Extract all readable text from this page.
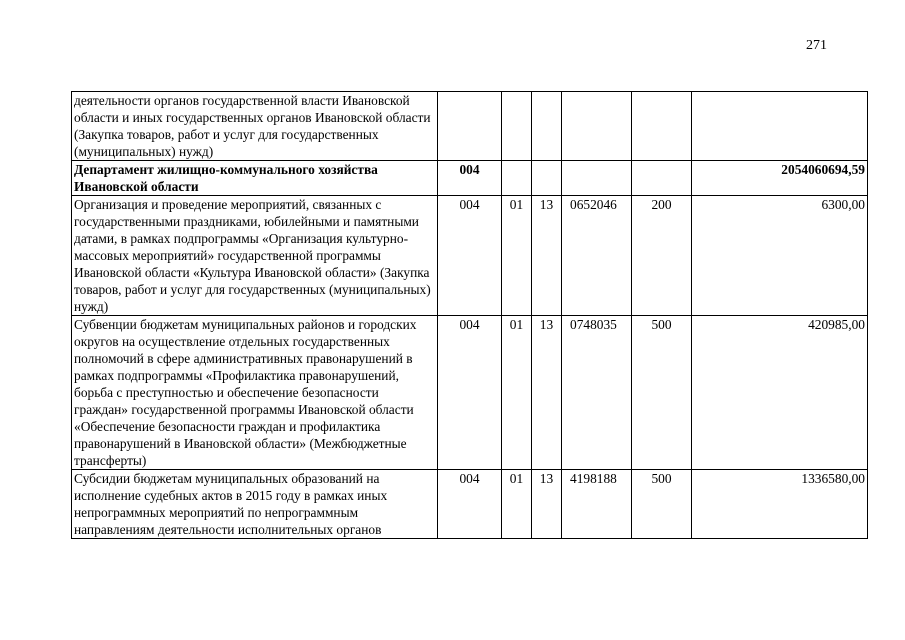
271
деятельности органов государственной власти Ивановской области и иных государственных органов Ивановской области (Закупка товаров, работ и услуг для государственных (муниципальных) нужд)						
Департамент жилищно-коммунального хозяйства Ивановской области	004					2054060694,59
Организация и проведение мероприятий, связанных с государственными праздниками, юбилейными и памятными датами, в рамках подпрограммы «Организация культурно-массовых мероприятий» государственной программы Ивановской области «Культура Ивановской области» (Закупка товаров, работ и услуг для государственных (муниципальных) нужд)	004	01	13	0652046	200	6300,00
Субвенции бюджетам муниципальных районов и городских округов на осуществление отдельных государственных полномочий в сфере административных правонарушений в рамках подпрограммы «Профилактика правонарушений, борьба с преступностью и обеспечение безопасности граждан» государственной программы Ивановской области «Обеспечение безопасности граждан и профилактика правонарушений в Ивановской области» (Межбюджетные трансферты)	004	01	13	0748035	500	420985,00
Субсидии бюджетам муниципальных образований на исполнение судебных актов в 2015 году в рамках иных непрограммных мероприятий по непрограммным направлениям деятельности исполнительных органов	004	01	13	4198188	500	1336580,00
